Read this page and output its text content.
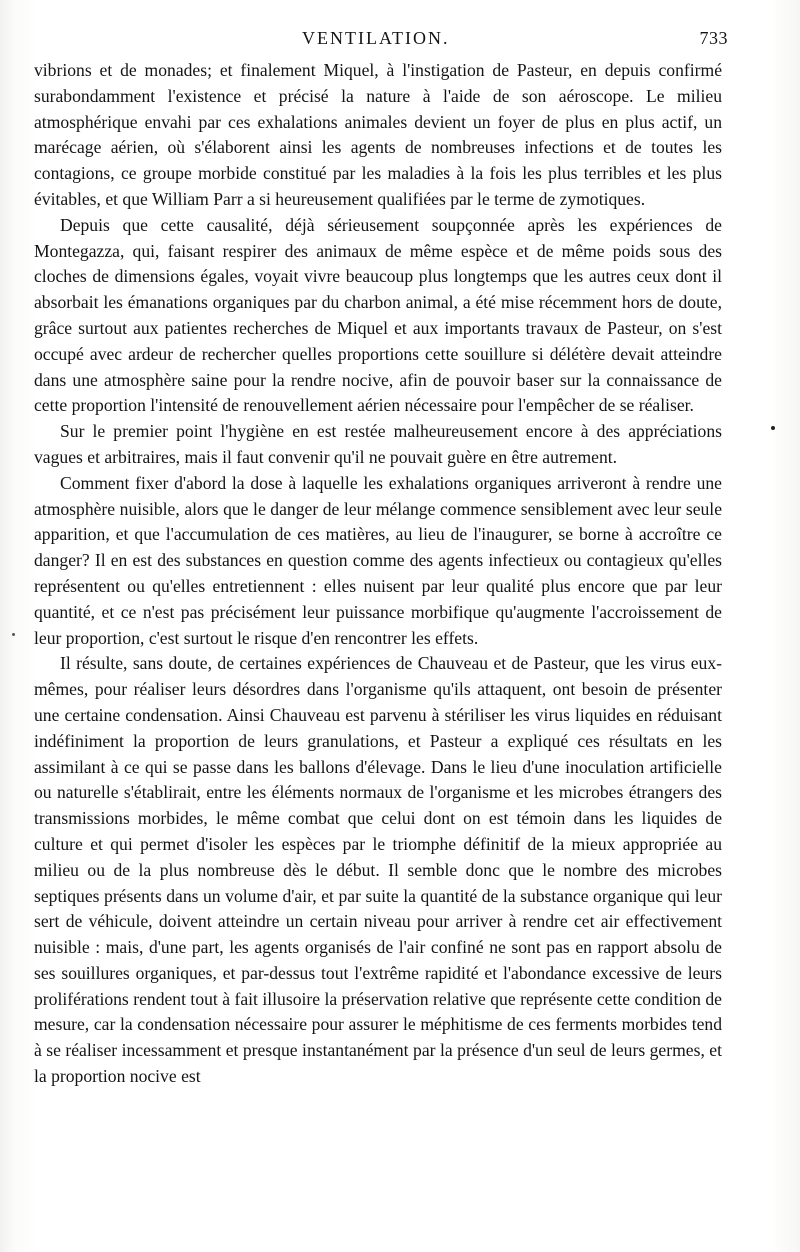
VENTILATION.	733

vibrions et de monades; et finalement Miquel, à l'instigation de Pasteur, en depuis confirmé surabondamment l'existence et précisé la nature à l'aide de son aéroscope. Le milieu atmosphérique envahi par ces exhalations animales devient un foyer de plus en plus actif, un marécage aérien, où s'élaborent ainsi les agents de nombreuses infections et de toutes les contagions, ce groupe morbide constitué par les maladies à la fois les plus terribles et les plus évitables, et que William Parr a si heureusement qualifiées par le terme de zymotiques.

Depuis que cette causalité, déjà sérieusement soupçonnée après les expériences de Montegazza, qui, faisant respirer des animaux de même espèce et de même poids sous des cloches de dimensions égales, voyait vivre beaucoup plus longtemps que les autres ceux dont il absorbait les émanations organiques par du charbon animal, a été mise récemment hors de doute, grâce surtout aux patientes recherches de Miquel et aux importants travaux de Pasteur, on s'est occupé avec ardeur de rechercher quelles proportions cette souillure si délétère devait atteindre dans une atmosphère saine pour la rendre nocive, afin de pouvoir baser sur la connaissance de cette proportion l'intensité de renouvellement aérien nécessaire pour l'empêcher de se réaliser.

Sur le premier point l'hygiène en est restée malheureusement encore à des appréciations vagues et arbitraires, mais il faut convenir qu'il ne pouvait guère en être autrement.

Comment fixer d'abord la dose à laquelle les exhalations organiques arriveront à rendre une atmosphère nuisible, alors que le danger de leur mélange commence sensiblement avec leur seule apparition, et que l'accumulation de ces matières, au lieu de l'inaugurer, se borne à accroître ce danger? Il en est des substances en question comme des agents infectieux ou contagieux qu'elles représentent ou qu'elles entretiennent : elles nuisent par leur qualité plus encore que par leur quantité, et ce n'est pas précisément leur puissance morbifique qu'augmente l'accroissement de leur proportion, c'est surtout le risque d'en rencontrer les effets.

Il résulte, sans doute, de certaines expériences de Chauveau et de Pasteur, que les virus eux-mêmes, pour réaliser leurs désordres dans l'organisme qu'ils attaquent, ont besoin de présenter une certaine condensation. Ainsi Chauveau est parvenu à stériliser les virus liquides en réduisant indéfiniment la proportion de leurs granulations, et Pasteur a expliqué ces résultats en les assimilant à ce qui se passe dans les ballons d'élevage. Dans le lieu d'une inoculation artificielle ou naturelle s'établirait, entre les éléments normaux de l'organisme et les microbes étrangers des transmissions morbides, le même combat que celui dont on est témoin dans les liquides de culture et qui permet d'isoler les espèces par le triomphe définitif de la mieux appropriée au milieu ou de la plus nombreuse dès le début. Il semble donc que le nombre des microbes septiques présents dans un volume d'air, et par suite la quantité de la substance organique qui leur sert de véhicule, doivent atteindre un certain niveau pour arriver à rendre cet air effectivement nuisible : mais, d'une part, les agents organisés de l'air confiné ne sont pas en rapport absolu de ses souillures organiques, et par-dessus tout l'extrême rapidité et l'abondance excessive de leurs proliférations rendent tout à fait illusoire la préservation relative que représente cette condition de mesure, car la condensation nécessaire pour assurer le méphitisme de ces ferments morbides tend à se réaliser incessamment et presque instantanément par la présence d'un seul de leurs germes, et la proportion nocive est
